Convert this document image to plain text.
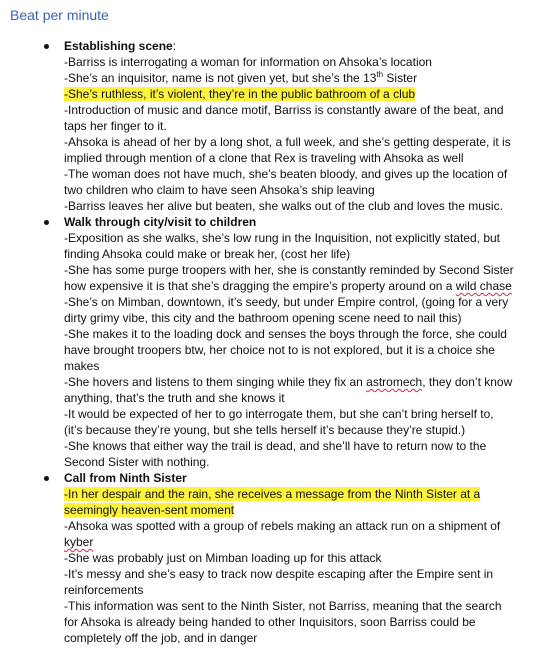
Beat per minute
Establishing scene:
-Barriss is interrogating a woman for information on Ahsoka’s location
-She’s an inquisitor, name is not given yet, but she’s the 13th Sister
-She’s ruthless, it’s violent, they’re in the public bathroom of a club
-Introduction of music and dance motif, Barriss is constantly aware of the beat, and
taps her finger to it.
-Ahsoka is ahead of her by a long shot, a full week, and she’s getting desperate, it is
implied through mention of a clone that Rex is traveling with Ahsoka as well
-The woman does not have much, she’s beaten bloody, and gives up the location of
two children who claim to have seen Ahsoka’s ship leaving
-Barriss leaves her alive but beaten, she walks out of the club and loves the music.
Walk through city/visit to children
-Exposition as she walks, she’s low rung in the Inquisition, not explicitly stated, but
finding Ahsoka could make or break her, (cost her life)
-She has some purge troopers with her, she is constantly reminded by Second Sister
how expensive it is that she’s dragging the empire’s property around on a wild chase
-She’s on Mimban, downtown, it’s seedy, but under Empire control, (going for a very
dirty grimy vibe, this city and the bathroom opening scene need to nail this)
-She makes it to the loading dock and senses the boys through the force, she could
have brought troopers btw, her choice not to is not explored, but it is a choice she
makes
-She hovers and listens to them singing while they fix an astromech, they don’t know
anything, that’s the truth and she knows it
-It would be expected of her to go interrogate them, but she can’t bring herself to,
(it’s because they’re young, but she tells herself it’s because they’re stupid.)
-She knows that either way the trail is dead, and she’ll have to return now to the
Second Sister with nothing.
Call from Ninth Sister
-In her despair and the rain, she receives a message from the Ninth Sister at a
seemingly heaven-sent moment
-Ahsoka was spotted with a group of rebels making an attack run on a shipment of
kyber
-She was probably just on Mimban loading up for this attack
-It’s messy and she’s easy to track now despite escaping after the Empire sent in
reinforcements
-This information was sent to the Ninth Sister, not Barriss, meaning that the search
for Ahsoka is already being handed to other Inquisitors, soon Barriss could be
completely off the job, and in danger
